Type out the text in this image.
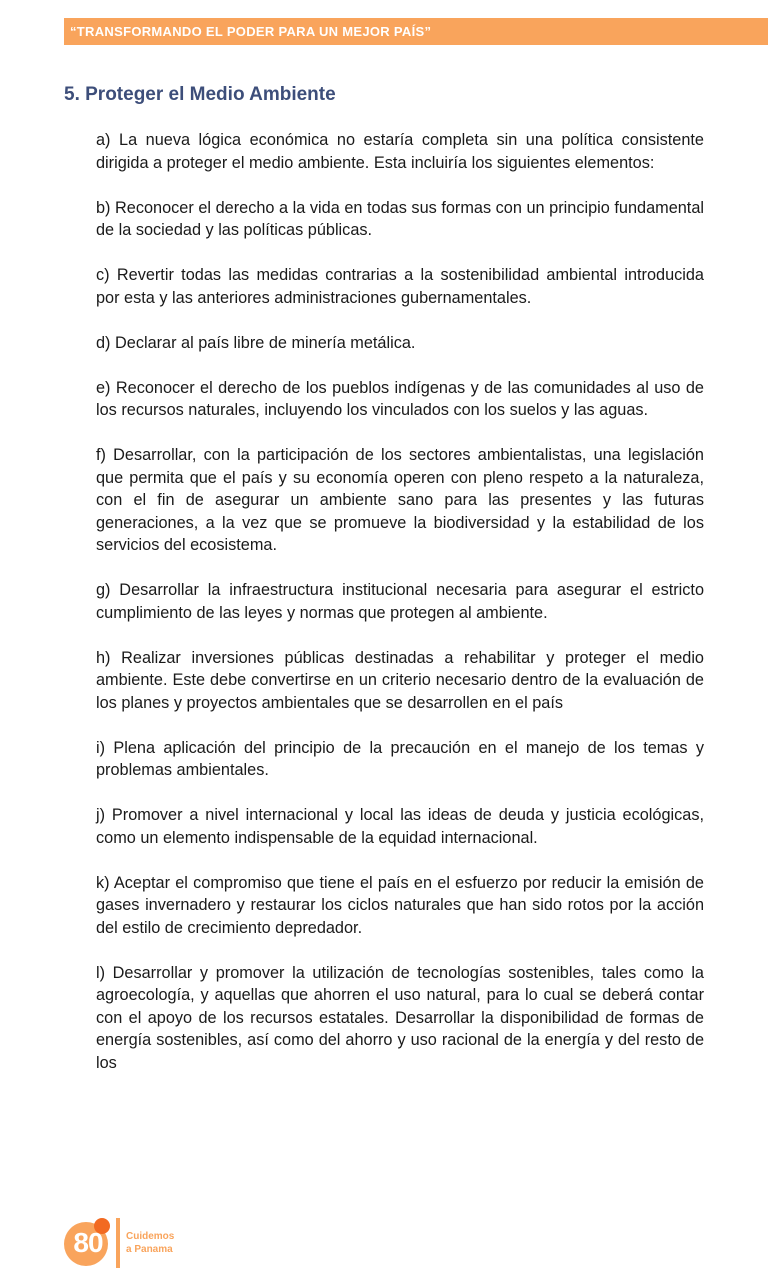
“TRANSFORMANDO EL PODER PARA UN MEJOR PAÍS”
5. Proteger el Medio Ambiente

a) La nueva lógica económica no estaría completa sin una política consistente dirigida a proteger el medio ambiente. Esta incluiría los siguientes elementos:

b) Reconocer el derecho a la vida en todas sus formas con un principio fundamental de la sociedad y las políticas públicas.

c) Revertir todas las medidas contrarias a la sostenibilidad ambiental introducida por esta y las anteriores administraciones gubernamentales.

d) Declarar al país libre de minería metálica.

e) Reconocer el derecho de los pueblos indígenas y de las comunidades al uso de los recursos naturales, incluyendo los vinculados con los suelos y las aguas.

f) Desarrollar, con la participación de los sectores ambientalistas, una legislación que permita que el país y su economía operen con pleno respeto a la naturaleza, con el fin de asegurar un ambiente sano para las presentes y las futuras generaciones, a la vez que se promueve la biodiversidad y la estabilidad de los servicios del ecosistema.

g) Desarrollar la infraestructura institucional necesaria para asegurar el estricto cumplimiento de las leyes y normas que protegen al ambiente.

h) Realizar inversiones públicas destinadas a rehabilitar y proteger el medio ambiente. Este debe convertirse en un criterio necesario dentro de la evaluación de los planes y proyectos ambientales que se desarrollen en el país

i) Plena aplicación del principio de la precaución en el manejo de los temas y problemas ambientales.

j) Promover a nivel internacional y local las ideas de deuda y justicia ecológicas, como un elemento indispensable de la equidad internacional.

k) Aceptar el compromiso que tiene el país en el esfuerzo por reducir la emisión de gases invernadero y restaurar los ciclos naturales que han sido rotos por la acción del estilo de crecimiento depredador.

l) Desarrollar y promover la utilización de tecnologías sostenibles, tales como la agroecología, y aquellas que ahorren el uso natural, para lo cual se deberá contar con el apoyo de los recursos estatales. Desarrollar la disponibilidad de formas de energía sostenibles, así como del ahorro y uso racional de la energía y del resto de los

80	Cuidemos
a Panama
